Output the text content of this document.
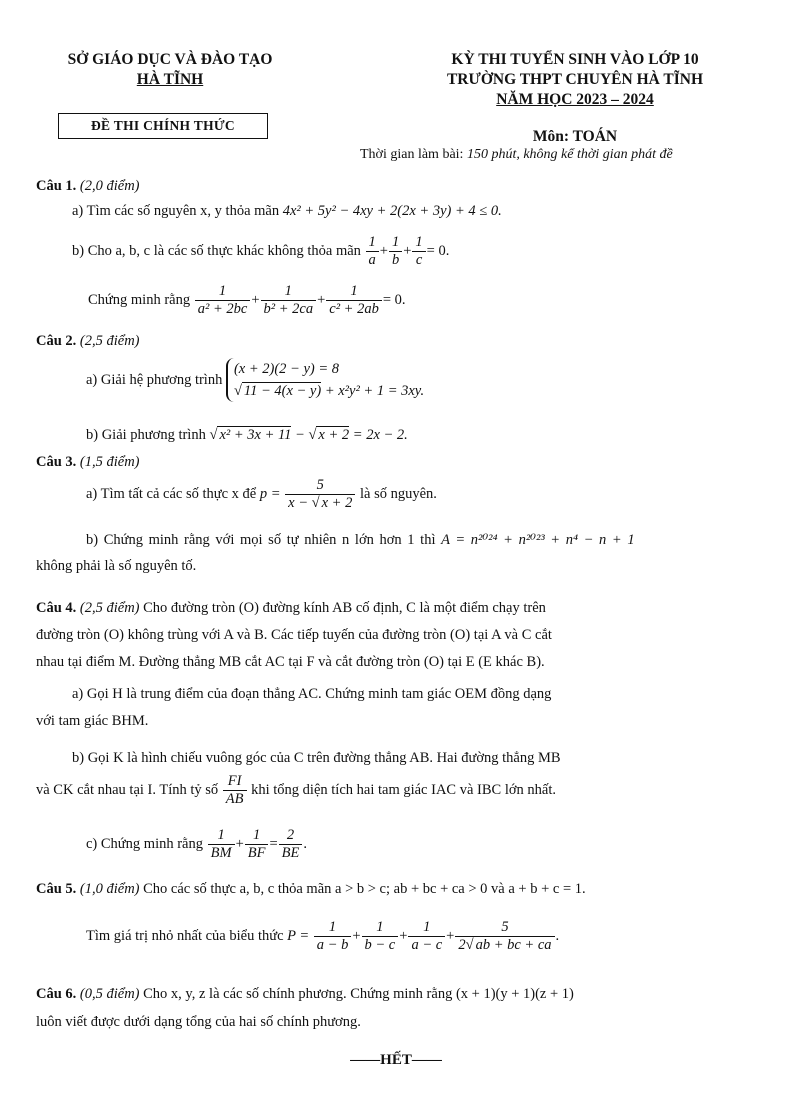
SỞ GIÁO DỤC VÀ ĐÀO TẠO
HÀ TĨNH
ĐỀ THI CHÍNH THỨC
KỲ THI TUYỂN SINH VÀO LỚP 10
TRƯỜNG THPT CHUYÊN HÀ TĨNH
NĂM HỌC 2023 – 2024
Môn: TOÁN
Thời gian làm bài: 150 phút, không kể thời gian phát đề
Câu 1. (2,0 điểm)
a) Tìm các số nguyên x, y thỏa mãn 4x² + 5y² − 4xy + 2(2x + 3y) + 4 ≤ 0.
b) Cho a, b, c là các số thực khác không thỏa mãn $\frac{1}{a} + \frac{1}{b} + \frac{1}{c} = 0$.
Chứng minh rằng $\frac{1}{\text{a² + 2bc}} + \frac{1}{\text{b² + 2ca}} + \frac{1}{\text{c² + 2ab}} = 0$.
Câu 2. (2,5 điểm)
a) Giải hệ phương trình
(x + 2)(2 − y) = 8
√ 11 − 4(x − y) + x²y² + 1 = 3xy.
b) Giải phương trình √ x² + 3x + 11 − √ x + 2 = 2x − 2.
Câu 3. (1,5 điểm)
a) Tìm tất cả các số thực x để $p = \frac{5}{x - √ x + 2}$ là số nguyên.
b) Chứng minh rằng với mọi số tự nhiên n lớn hơn 1 thì A = n²⁰²⁴ + n²⁰²³ + n⁴ − n + 1
không phải là số nguyên tố.
Câu 4. (2,5 điểm) Cho đường tròn (O) đường kính AB cố định, C là một điểm chạy trên
đường tròn (O) không trùng với A và B. Các tiếp tuyến của đường tròn (O) tại A và C cắt
nhau tại điểm M. Đường thẳng MB cắt AC tại F và cắt đường tròn (O) tại E (E khác B).
a) Gọi H là trung điểm của đoạn thẳng AC. Chứng minh tam giác OEM đồng dạng
với tam giác BHM.
b) Gọi K là hình chiếu vuông góc của C trên đường thẳng AB. Hai đường thẳng MB
và CK cắt nhau tại I. Tính tỷ số $\frac{FI}{AB}$ khi tổng diện tích hai tam giác IAC và IBC lớn nhất.
c) Chứng minh rằng $\frac{1}{BM} + \frac{1}{BF} = \frac{2}{BE}$ .
Câu 5. (1,0 điểm) Cho các số thực a, b, c thỏa mãn a > b > c; ab + bc + ca > 0 và a + b + c = 1.
Tìm giá trị nhỏ nhất của biểu thức $P = \frac{1}{a - b} + \frac{1}{b - c} + \frac{1}{a - c} + \frac{5}{2√ ab + bc + ca}$ .
Câu 6. (0,5 điểm) Cho x, y, z là các số chính phương. Chứng minh rằng (x + 1)(y + 1)(z + 1)
luôn viết được dưới dạng tổng của hai số chính phương.
——HẾT——
